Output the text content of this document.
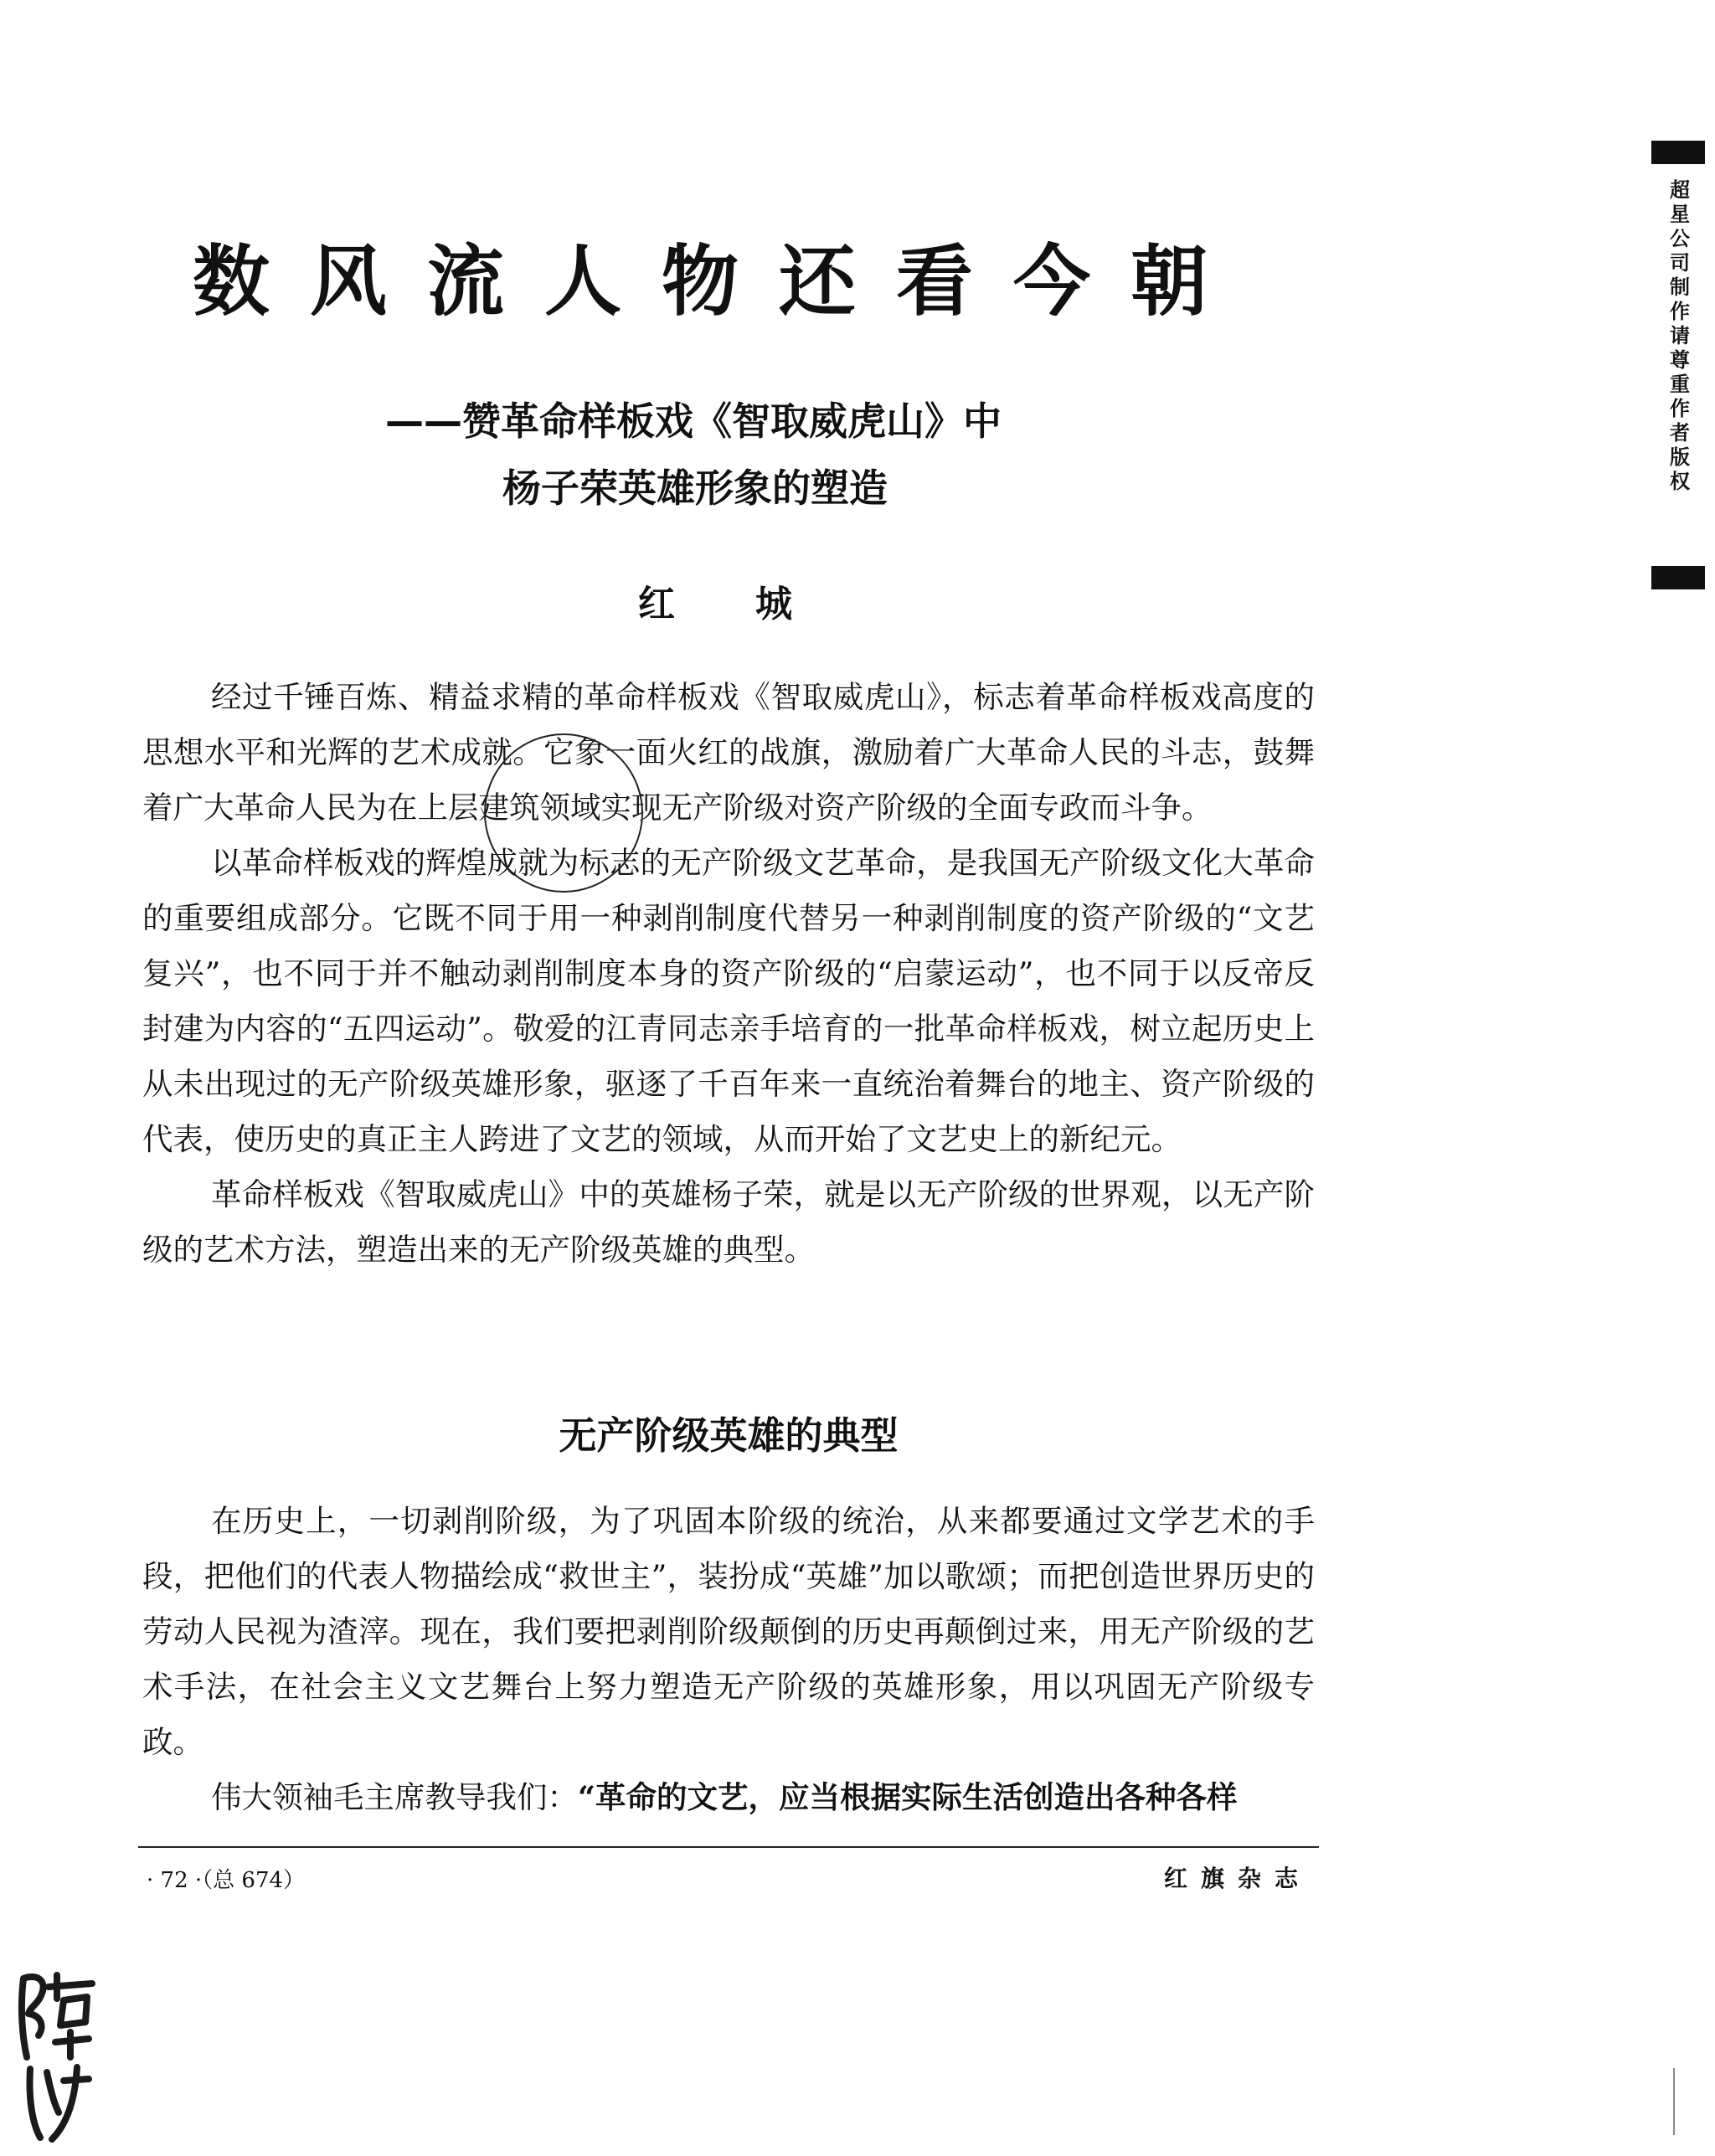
数风流人物还看今朝
——赞革命样板戏《智取威虎山》中
杨子荣英雄形象的塑造
红城

经过千锤百炼、精益求精的革命样板戏《智取威虎山》，标志着革命样板戏高度的思想水平和光辉的艺术成就。它象一面火红的战旗，激励着广大革命人民的斗志，鼓舞着广大革命人民为在上层建筑领域实现无产阶级对资产阶级的全面专政而斗争。

以革命样板戏的辉煌成就为标志的无产阶级文艺革命，是我国无产阶级文化大革命的重要组成部分。它既不同于用一种剥削制度代替另一种剥削制度的资产阶级的“文艺复兴”，也不同于并不触动剥削制度本身的资产阶级的“启蒙运动”，也不同于以反帝反封建为内容的“五四运动”。敬爱的江青同志亲手培育的一批革命样板戏，树立起历史上从未出现过的无产阶级英雄形象，驱逐了千百年来一直统治着舞台的地主、资产阶级的代表，使历史的真正主人跨进了文艺的领域，从而开始了文艺史上的新纪元。

革命样板戏《智取威虎山》中的英雄杨子荣，就是以无产阶级的世界观，以无产阶级的艺术方法，塑造出来的无产阶级英雄的典型。

无产阶级英雄的典型

在历史上，一切剥削阶级，为了巩固本阶级的统治，从来都要通过文学艺术的手段，把他们的代表人物描绘成“救世主”，装扮成“英雄”加以歌颂；而把创造世界历史的劳动人民视为渣滓。现在，我们要把剥削阶级颠倒的历史再颠倒过来，用无产阶级的艺术手法，在社会主义文艺舞台上努力塑造无产阶级的英雄形象，用以巩固无产阶级专政。

伟大领袖毛主席教导我们：“革命的文艺，应当根据实际生活创造出各种各样

· 72 ·（总 674）	红旗杂志
超星公司制作请尊重作者版权
